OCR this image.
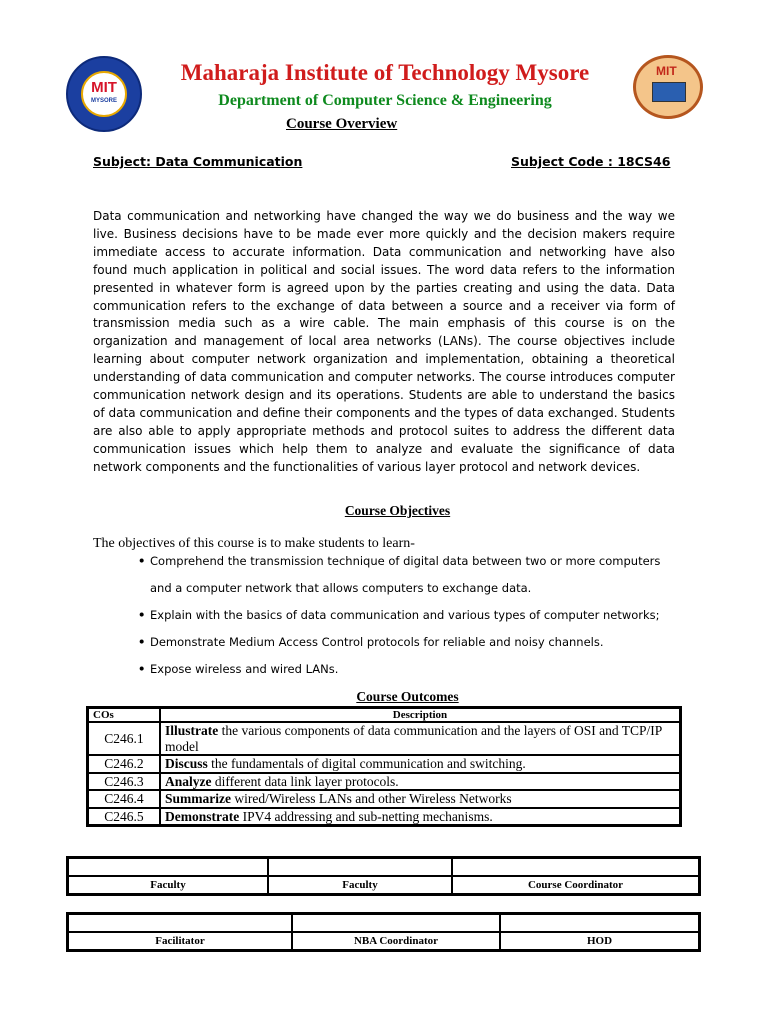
MIT
MYSORE
MIT
Maharaja Institute of Technology Mysore
Department of Computer Science & Engineering
Course Overview
Subject: Data Communication	Subject Code : 18CS46
Data communication and networking have changed the way we do business and the way we live. Business decisions have to be made ever more quickly and the decision makers require immediate access to accurate information. Data communication and networking have also found much application in political and social issues. The word data refers to the information presented in whatever form is agreed upon by the parties creating and using the data. Data communication refers to the exchange of data between a source and a receiver via form of transmission media such as a wire cable. The main emphasis of this course is on the organization and management of local area networks (LANs). The course objectives include learning about computer network organization and implementation, obtaining a theoretical understanding of data communication and computer networks. The course introduces computer communication network design and its operations. Students are able to understand the basics of data communication and define their components and the types of data exchanged. Students are also able to apply appropriate methods and protocol suites to address the different data communication issues which help them to analyze and evaluate the significance of data network components and the functionalities of various layer protocol and network devices.
Course Objectives
The objectives of this course is to make students to learn-
• Comprehend the transmission technique of digital data between two or more computers
and a computer network that allows computers to exchange data.
• Explain with the basics of data communication and various types of computer networks;
• Demonstrate Medium Access Control protocols for reliable and noisy channels.
• Expose wireless and wired LANs.
Course Outcomes
COs	Description
C246.1	Illustrate the various components of data communication and the layers of OSI and TCP/IP model
C246.2	Discuss the fundamentals of digital communication and switching.
C246.3	Analyze different data link layer protocols.
C246.4	Summarize wired/Wireless LANs and other Wireless Networks
C246.5	Demonstrate IPV4 addressing and sub-netting mechanisms.

Faculty	Faculty	Course Coordinator

Facilitator	NBA Coordinator	HOD
